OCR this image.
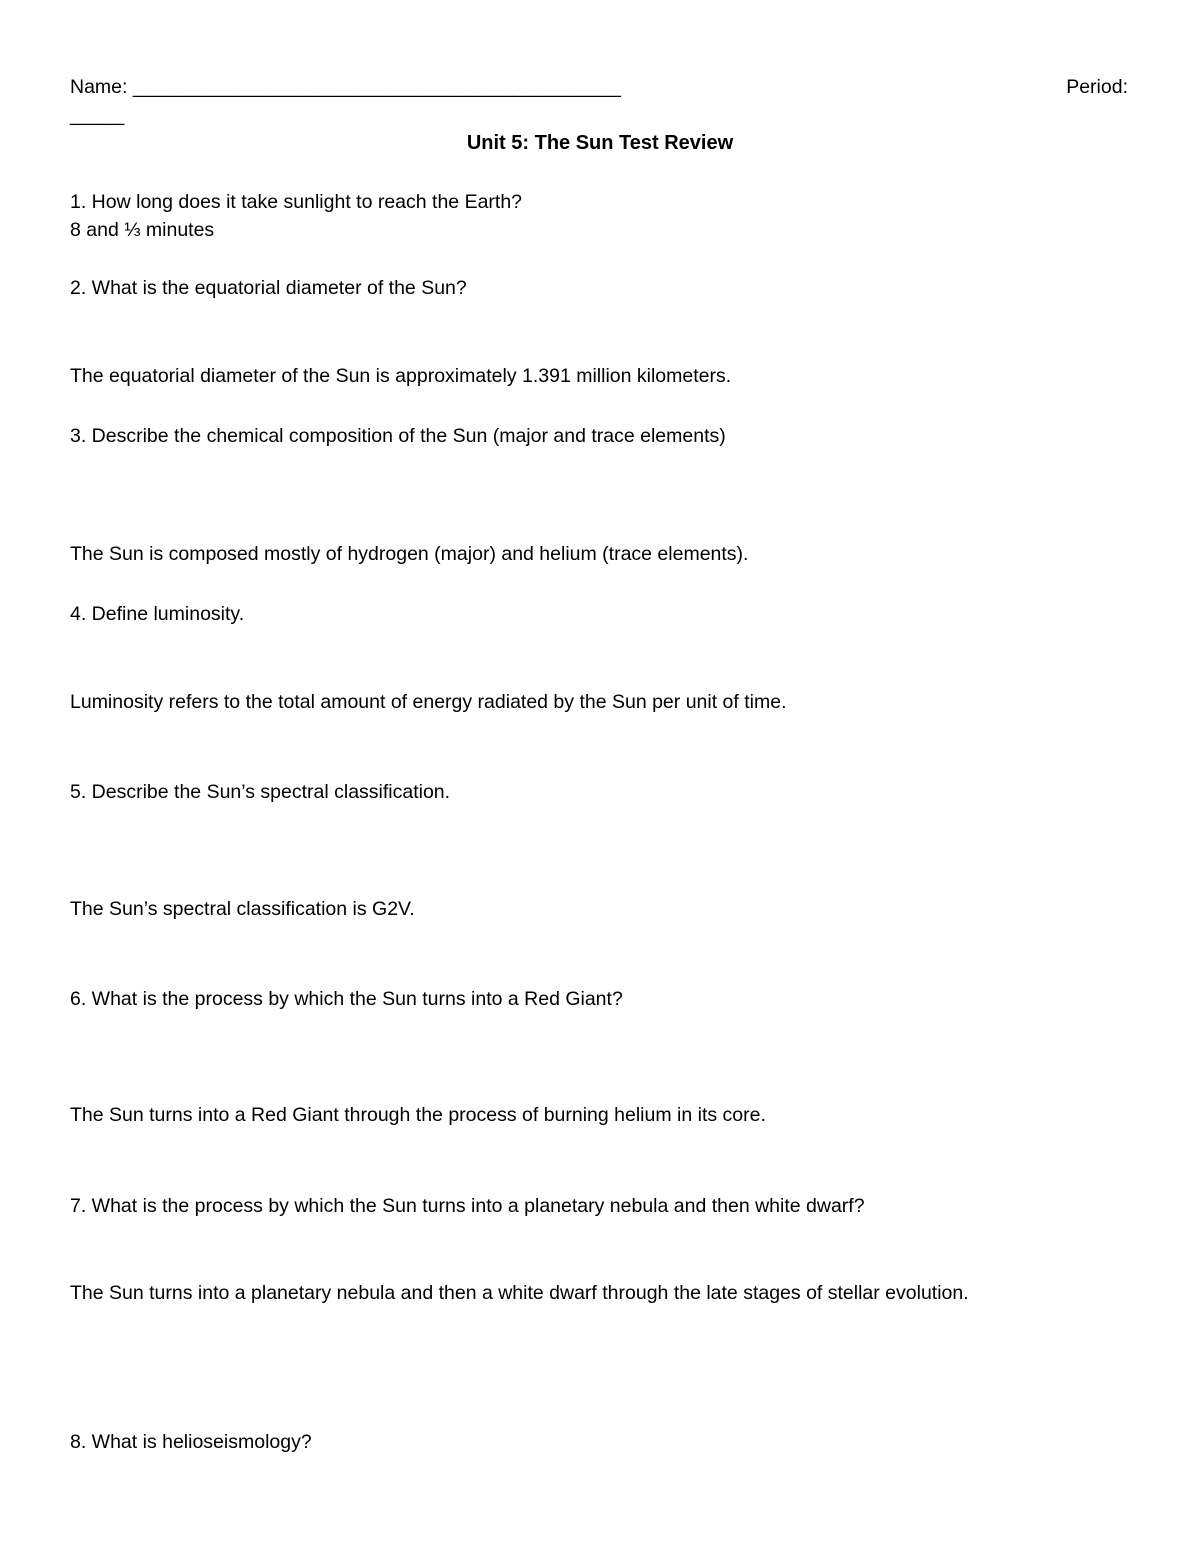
Name: _____________________________________________	Period:
_____
Unit 5: The Sun Test Review
1. How long does it take sunlight to reach the Earth?
8 and ⅓ minutes
2. What is the equatorial diameter of the Sun?
The equatorial diameter of the Sun is approximately 1.391 million kilometers.
3. Describe the chemical composition of the Sun (major and trace elements)
The Sun is composed mostly of hydrogen (major) and helium (trace elements).
4. Define luminosity.
Luminosity refers to the total amount of energy radiated by the Sun per unit of time.
5. Describe the Sun’s spectral classification.
The Sun’s spectral classification is G2V.
6. What is the process by which the Sun turns into a Red Giant?
The Sun turns into a Red Giant through the process of burning helium in its core.
7. What is the process by which the Sun turns into a planetary nebula and then white dwarf?
The Sun turns into a planetary nebula and then a white dwarf through the late stages of stellar evolution.
8. What is helioseismology?
